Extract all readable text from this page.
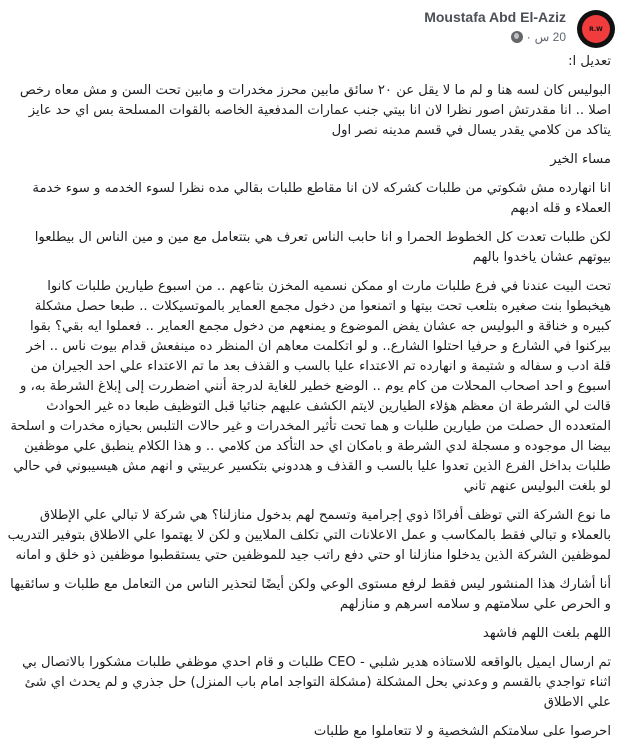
R.W
Moustafa Abd El-Aziz
20 س
·

تعديل ا:

البوليس كان لسه هنا و لم ما لا يقل عن ٢٠ سائق مابين محرز مخدرات و مابين تحت السن و مش معاه رخص اصلا .. انا مقدرتش اصور نظرا لان انا بيتي جنب عمارات المدفعية الخاصه بالقوات المسلحة بس اي حد عايز يتاكد من كلامي يقدر يسال في قسم مدينه نصر اول

مساء الخير

انا انهارده مش شكوتي من طلبات كشركه لان انا مقاطع طلبات بقالي مده نظرا لسوء الخدمه و سوء خدمة العملاء و قله ادبهم

لكن طلبات تعدت كل الخطوط الحمرا و انا حابب الناس تعرف هي بتتعامل مع مين و مين الناس ال بيطلعوا بيوتهم عشان ياخدوا بالهم

تحت البيت عندنا في فرع طلبات مارت او ممكن نسميه المخزن بتاعهم .. من اسبوع طيارين طلبات كانوا هيخبطوا بنت صغيره بتلعب تحت بيتها و اتمنعوا من دخول مجمع العماير بالموتسيكلات .. طبعا حصل مشكلة كبيره و خناقة و البوليس جه عشان يفض الموضوع و يمنعهم من دخول مجمع العماير .. فعملوا ايه بقي؟ بقوا بيركنوا في الشارع و حرفيا احتلوا الشارع.. و لو اتكلمت معاهم ان المنظر ده مينفعش قدام بيوت ناس .. اخر قلة ادب و سفاله و شتيمة و انهارده تم الاعتداء عليا بالسب و القذف بعد ما تم الاعتداء علي احد الجيران من اسبوع و احد اصحاب المحلات من كام يوم .. الوضع خطير للغاية لدرجة أنني اضطررت إلى إبلاغ الشرطة به، و قالت لي الشرطة ان معظم هؤلاء الطيارين لايتم الكشف عليهم جنائيا قبل التوظيف طبعا ده غير الحوادث المتعدده ال حصلت من طيارين طلبات و هما تحت تأثير المخدرات و غير حالات التلبس بحيازه مخدرات و اسلحة بيضا ال موجوده و مسجلة لدي الشرطة و بامكان اي حد التأكد من كلامي .. و هذا الكلام ينطبق علي موظفين طلبات بداخل الفرع الذين تعدوا عليا بالسب و القذف و هددوني بتكسير عربيتي و انهم مش هيسيبوني في حالي لو بلغت البوليس عنهم تاني

ما نوع الشركة التي توظف أفرادًا ذوي إجرامية وتسمح لهم بدخول منازلنا؟ هي شركة لا تبالي علي الإطلاق بالعملاء و تبالي فقط بالمكاسب و عمل الاعلانات التي تكلف الملايين و لكن لا يهتموا علي الاطلاق بتوفير التدريب لموظفين الشركة الذين يدخلوا منازلنا او حتي دفع راتب جيد للموظفين حتي يستقطبوا موظفين ذو خلق و امانه

أنا أشارك هذا المنشور ليس فقط لرفع مستوى الوعي ولكن أيضًا لتحذير الناس من التعامل مع طلبات و سائقيها و الحرص علي سلامتهم و سلامه اسرهم و منازلهم

اللهم بلغت اللهم فاشهد

تم ارسال ايميل بالواقعه للاستاذه هدير شلبي - CEO طلبات و قام احدي موظفي طلبات مشكورا بالاتصال بي اثناء تواجدي بالقسم و وعدني بحل المشكلة (مشكلة التواجد امام باب المنزل) حل جذري و لم يحدث اي شئ علي الاطلاق

احرصوا على سلامتكم الشخصية و لا تتعاملوا مع طلبات
